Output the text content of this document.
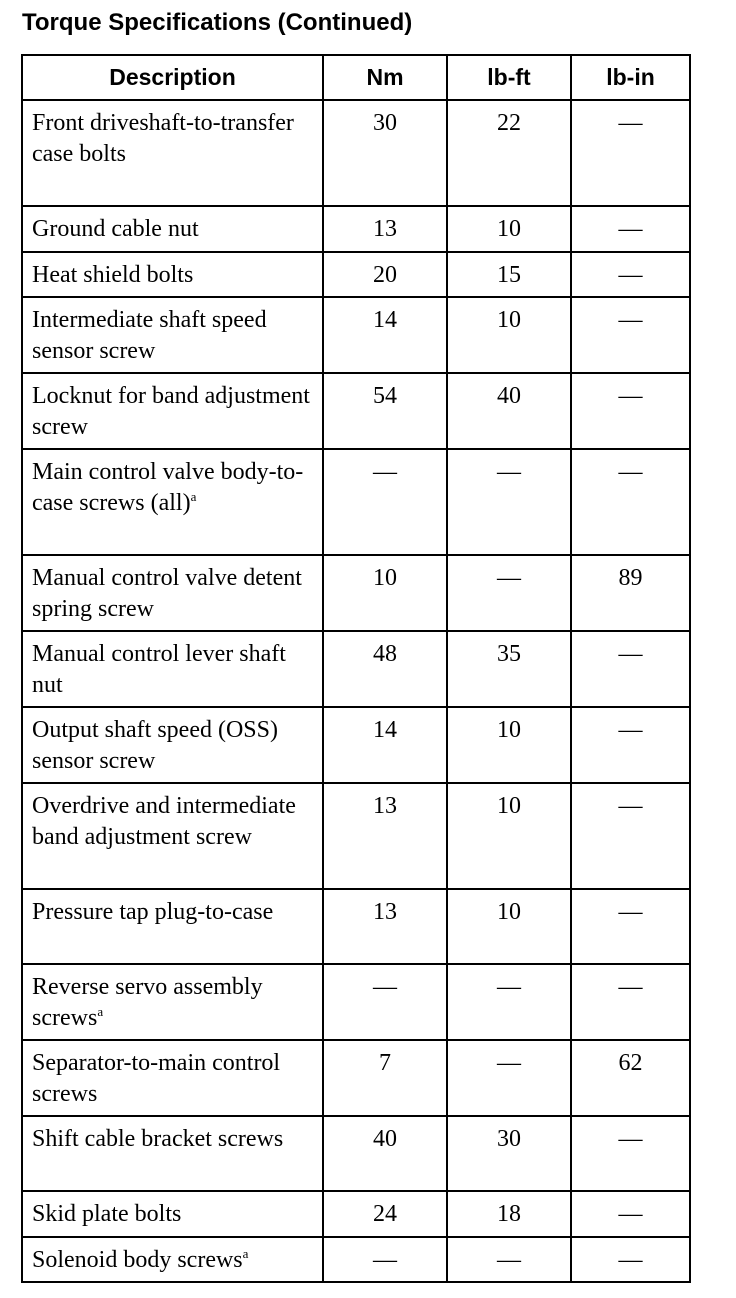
Torque Specifications (Continued)
Description	Nm	lb-ft	lb-in
Front driveshaft-to-transfer case bolts	30	22	—
Ground cable nut	13	10	—
Heat shield bolts	20	15	—
Intermediate shaft speed sensor screw	14	10	—
Locknut for band adjustment screw	54	40	—
Main control valve body-to-case screws (all)$^a$	—	—	—
Manual control valve detent spring screw	10	—	89
Manual control lever shaft nut	48	35	—
Output shaft speed (OSS) sensor screw	14	10	—
Overdrive and intermediate band adjustment screw	13	10	—
Pressure tap plug-to-case	13	10	—
Reverse servo assembly screws$^a$	—	—	—
Separator-to-main control screws	7	—	62
Shift cable bracket screws	40	30	—
Skid plate bolts	24	18	—
Solenoid body screws$^a$	—	—	—
